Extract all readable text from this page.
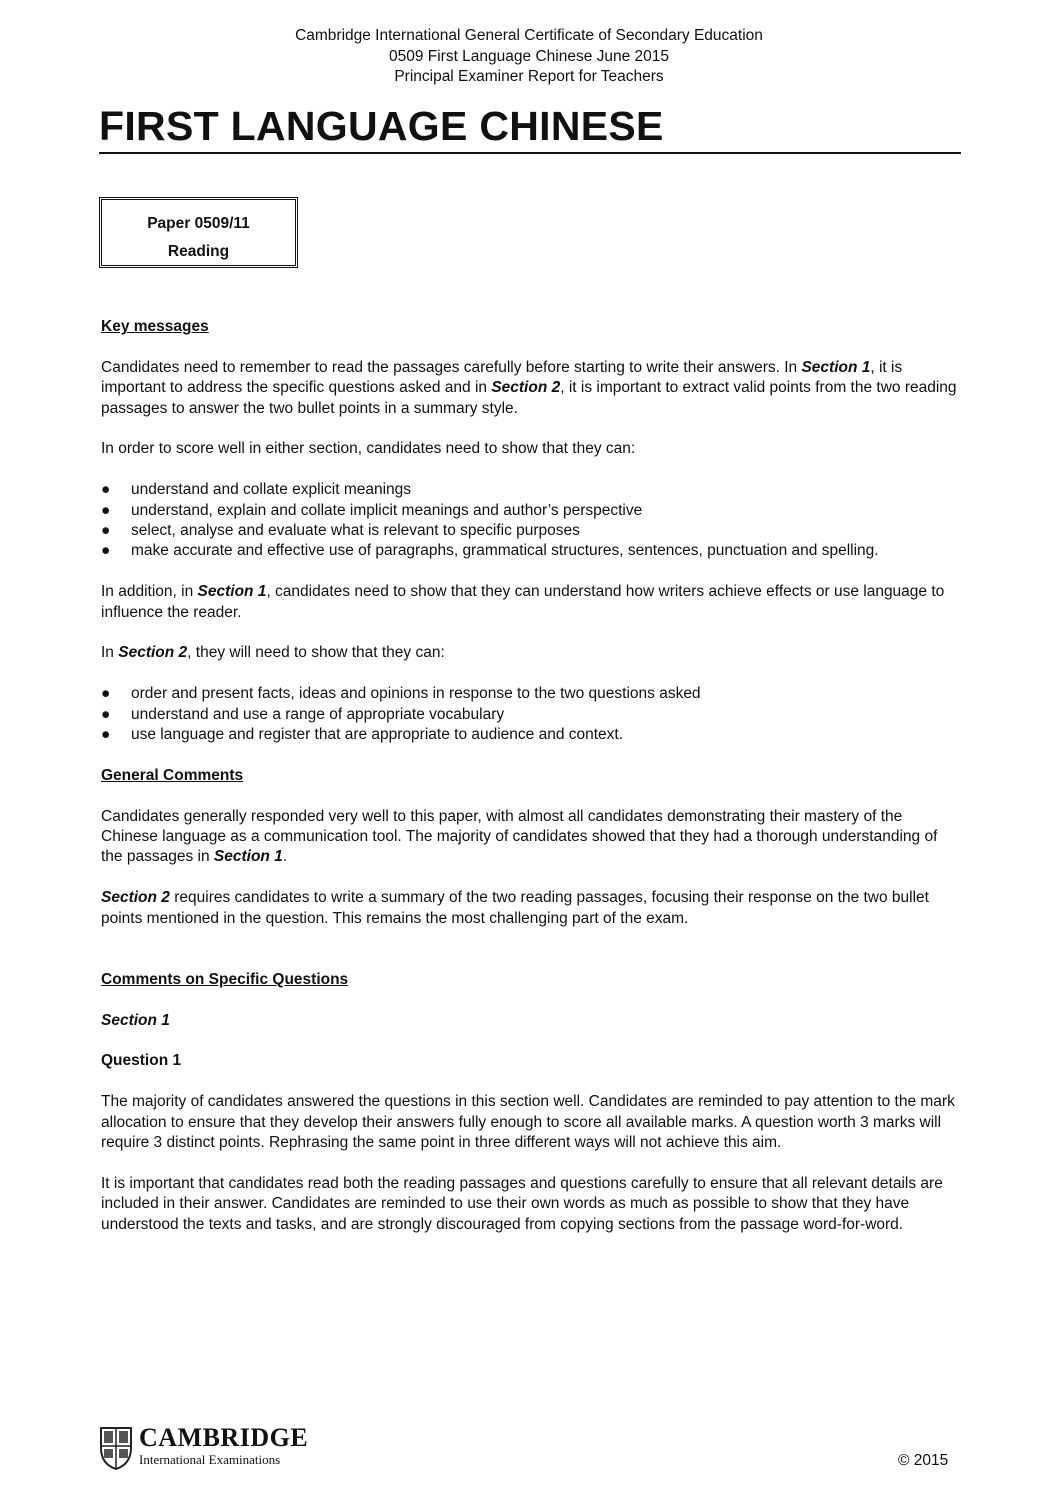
Cambridge International General Certificate of Secondary Education
0509 First Language Chinese June 2015
Principal Examiner Report for Teachers
FIRST LANGUAGE CHINESE
Paper 0509/11
Reading
Key messages

Candidates need to remember to read the passages carefully before starting to write their answers. In Section 1, it is important to address the specific questions asked and in Section 2, it is important to extract valid points from the two reading passages to answer the two bullet points in a summary style.

In order to score well in either section, candidates need to show that they can:

● understand and collate explicit meanings
● understand, explain and collate implicit meanings and author’s perspective
● select, analyse and evaluate what is relevant to specific purposes
● make accurate and effective use of paragraphs, grammatical structures, sentences, punctuation and spelling.

In addition, in Section 1, candidates need to show that they can understand how writers achieve effects or use language to influence the reader.

In Section 2, they will need to show that they can:

● order and present facts, ideas and opinions in response to the two questions asked
● understand and use a range of appropriate vocabulary
● use language and register that are appropriate to audience and context.
General Comments

Candidates generally responded very well to this paper, with almost all candidates demonstrating their mastery of the Chinese language as a communication tool. The majority of candidates showed that they had a thorough understanding of the passages in Section 1.

Section 2 requires candidates to write a summary of the two reading passages, focusing their response on the two bullet points mentioned in the question. This remains the most challenging part of the exam.

Comments on Specific Questions

Section 1

Question 1

The majority of candidates answered the questions in this section well. Candidates are reminded to pay attention to the mark allocation to ensure that they develop their answers fully enough to score all available marks. A question worth 3 marks will require 3 distinct points. Rephrasing the same point in three different ways will not achieve this aim.

It is important that candidates read both the reading passages and questions carefully to ensure that all relevant details are included in their answer. Candidates are reminded to use their own words as much as possible to show that they have understood the texts and tasks, and are strongly discouraged from copying sections from the passage word-for-word.

CAMBRIDGE
International Examinations	© 2015
